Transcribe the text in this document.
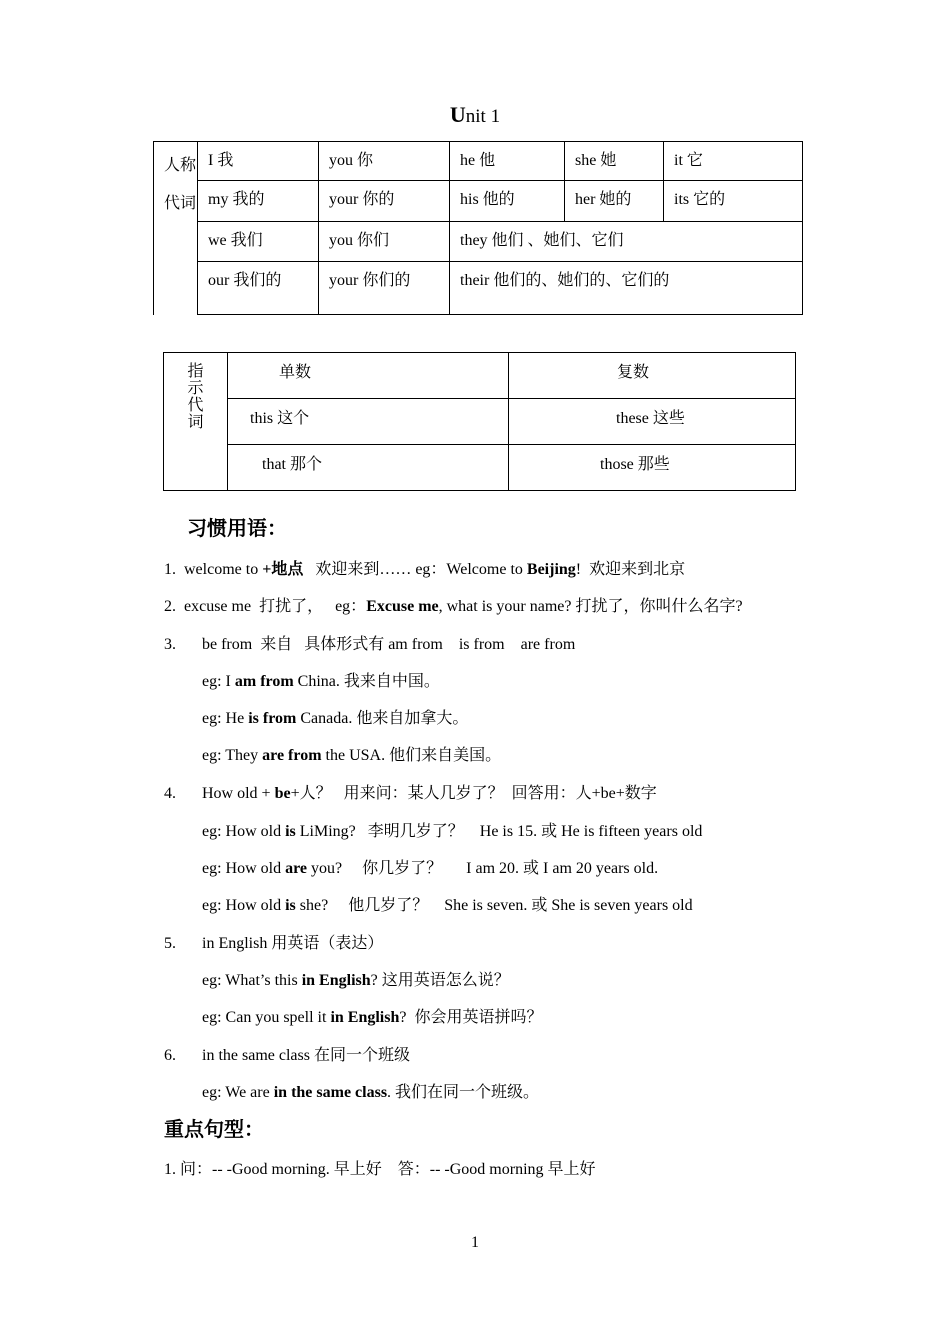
Unit 1
人称
代词	I 我	you 你	he 他	she 她	it 它
	my 我的	your 你的	his 他的	her 她的	its 它的
	we 我们	you 你们	they 他们 、她们、它们		
	our 我们的	your 你们的	their 他们的、她们的、它们的		
指
示
代
词	单数	复数
	this 这个	these 这些
	that 那个	those 那些
习惯用语：
1. welcome to +地点   欢迎来到…… eg：Welcome to Beijing!  欢迎来到北京
2. excuse me  打扰了，   eg：Excuse me, what is your name? 打扰了，你叫什么名字?
3. be from  来自   具体形式有 am from    is from    are from
eg: I am from China. 我来自中国。
eg: He is from Canada. 他来自加拿大。
eg: They are from the USA. 他们来自美国。
4. How old + be+人？   用来问：某人几岁了？  回答用：人+be+数字
eg: How old is LiMing?   李明几岁了？    He is 15. 或 He is fifteen years old
eg: How old are you?     你几岁了？      I am 20. 或 I am 20 years old.
eg: How old is she?     他几岁了？    She is seven. 或 She is seven years old
5. in English 用英语（表达）
eg: What’s this in English? 这用英语怎么说？
eg: Can you spell it in English?  你会用英语拼吗？
6. in the same class 在同一个班级
eg: We are in the same class. 我们在同一个班级。
重点句型：
1. 问：-- -Good morning. 早上好    答：-- -Good morning 早上好
1
